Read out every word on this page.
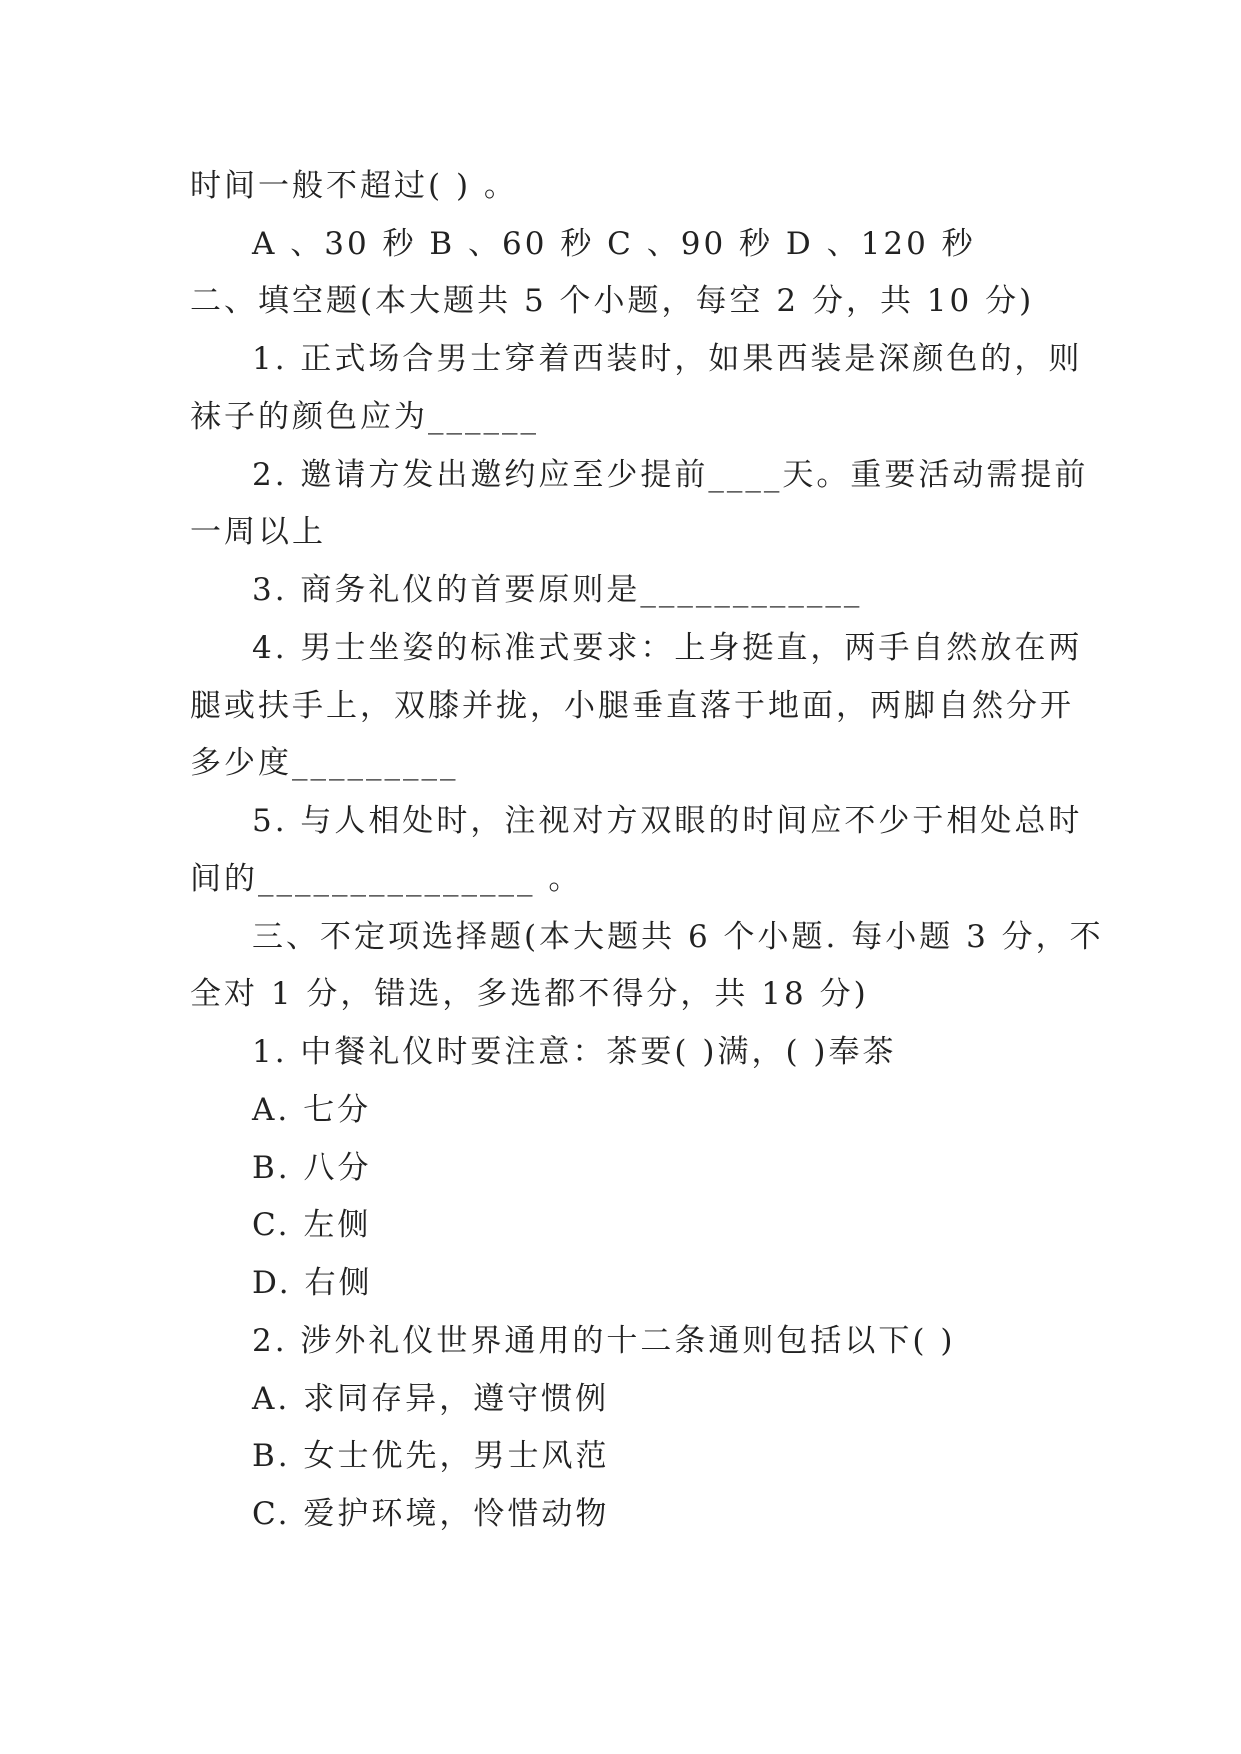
时间一般不超过( ) 。
A 、30 秒 B 、60 秒 C 、90 秒 D 、120 秒
二、填空题(本大题共 5 个小题，每空 2 分，共 10 分)
1. 正式场合男士穿着西装时，如果西装是深颜色的，则
袜子的颜色应为______
2. 邀请方发出邀约应至少提前____天。重要活动需提前
一周以上
3. 商务礼仪的首要原则是____________
4. 男士坐姿的标准式要求：上身挺直，两手自然放在两
腿或扶手上，双膝并拢，小腿垂直落于地面，两脚自然分开
多少度_________
5. 与人相处时，注视对方双眼的时间应不少于相处总时
间的_______________ 。
三、不定项选择题(本大题共 6 个小题. 每小题 3 分，不
全对 1 分，错选，多选都不得分，共 18 分)
1. 中餐礼仪时要注意：茶要( )满，( )奉茶
A. 七分
B. 八分
C. 左侧
D. 右侧
2. 涉外礼仪世界通用的十二条通则包括以下( )
A. 求同存异，遵守惯例
B. 女士优先，男士风范
C. 爱护环境，怜惜动物
